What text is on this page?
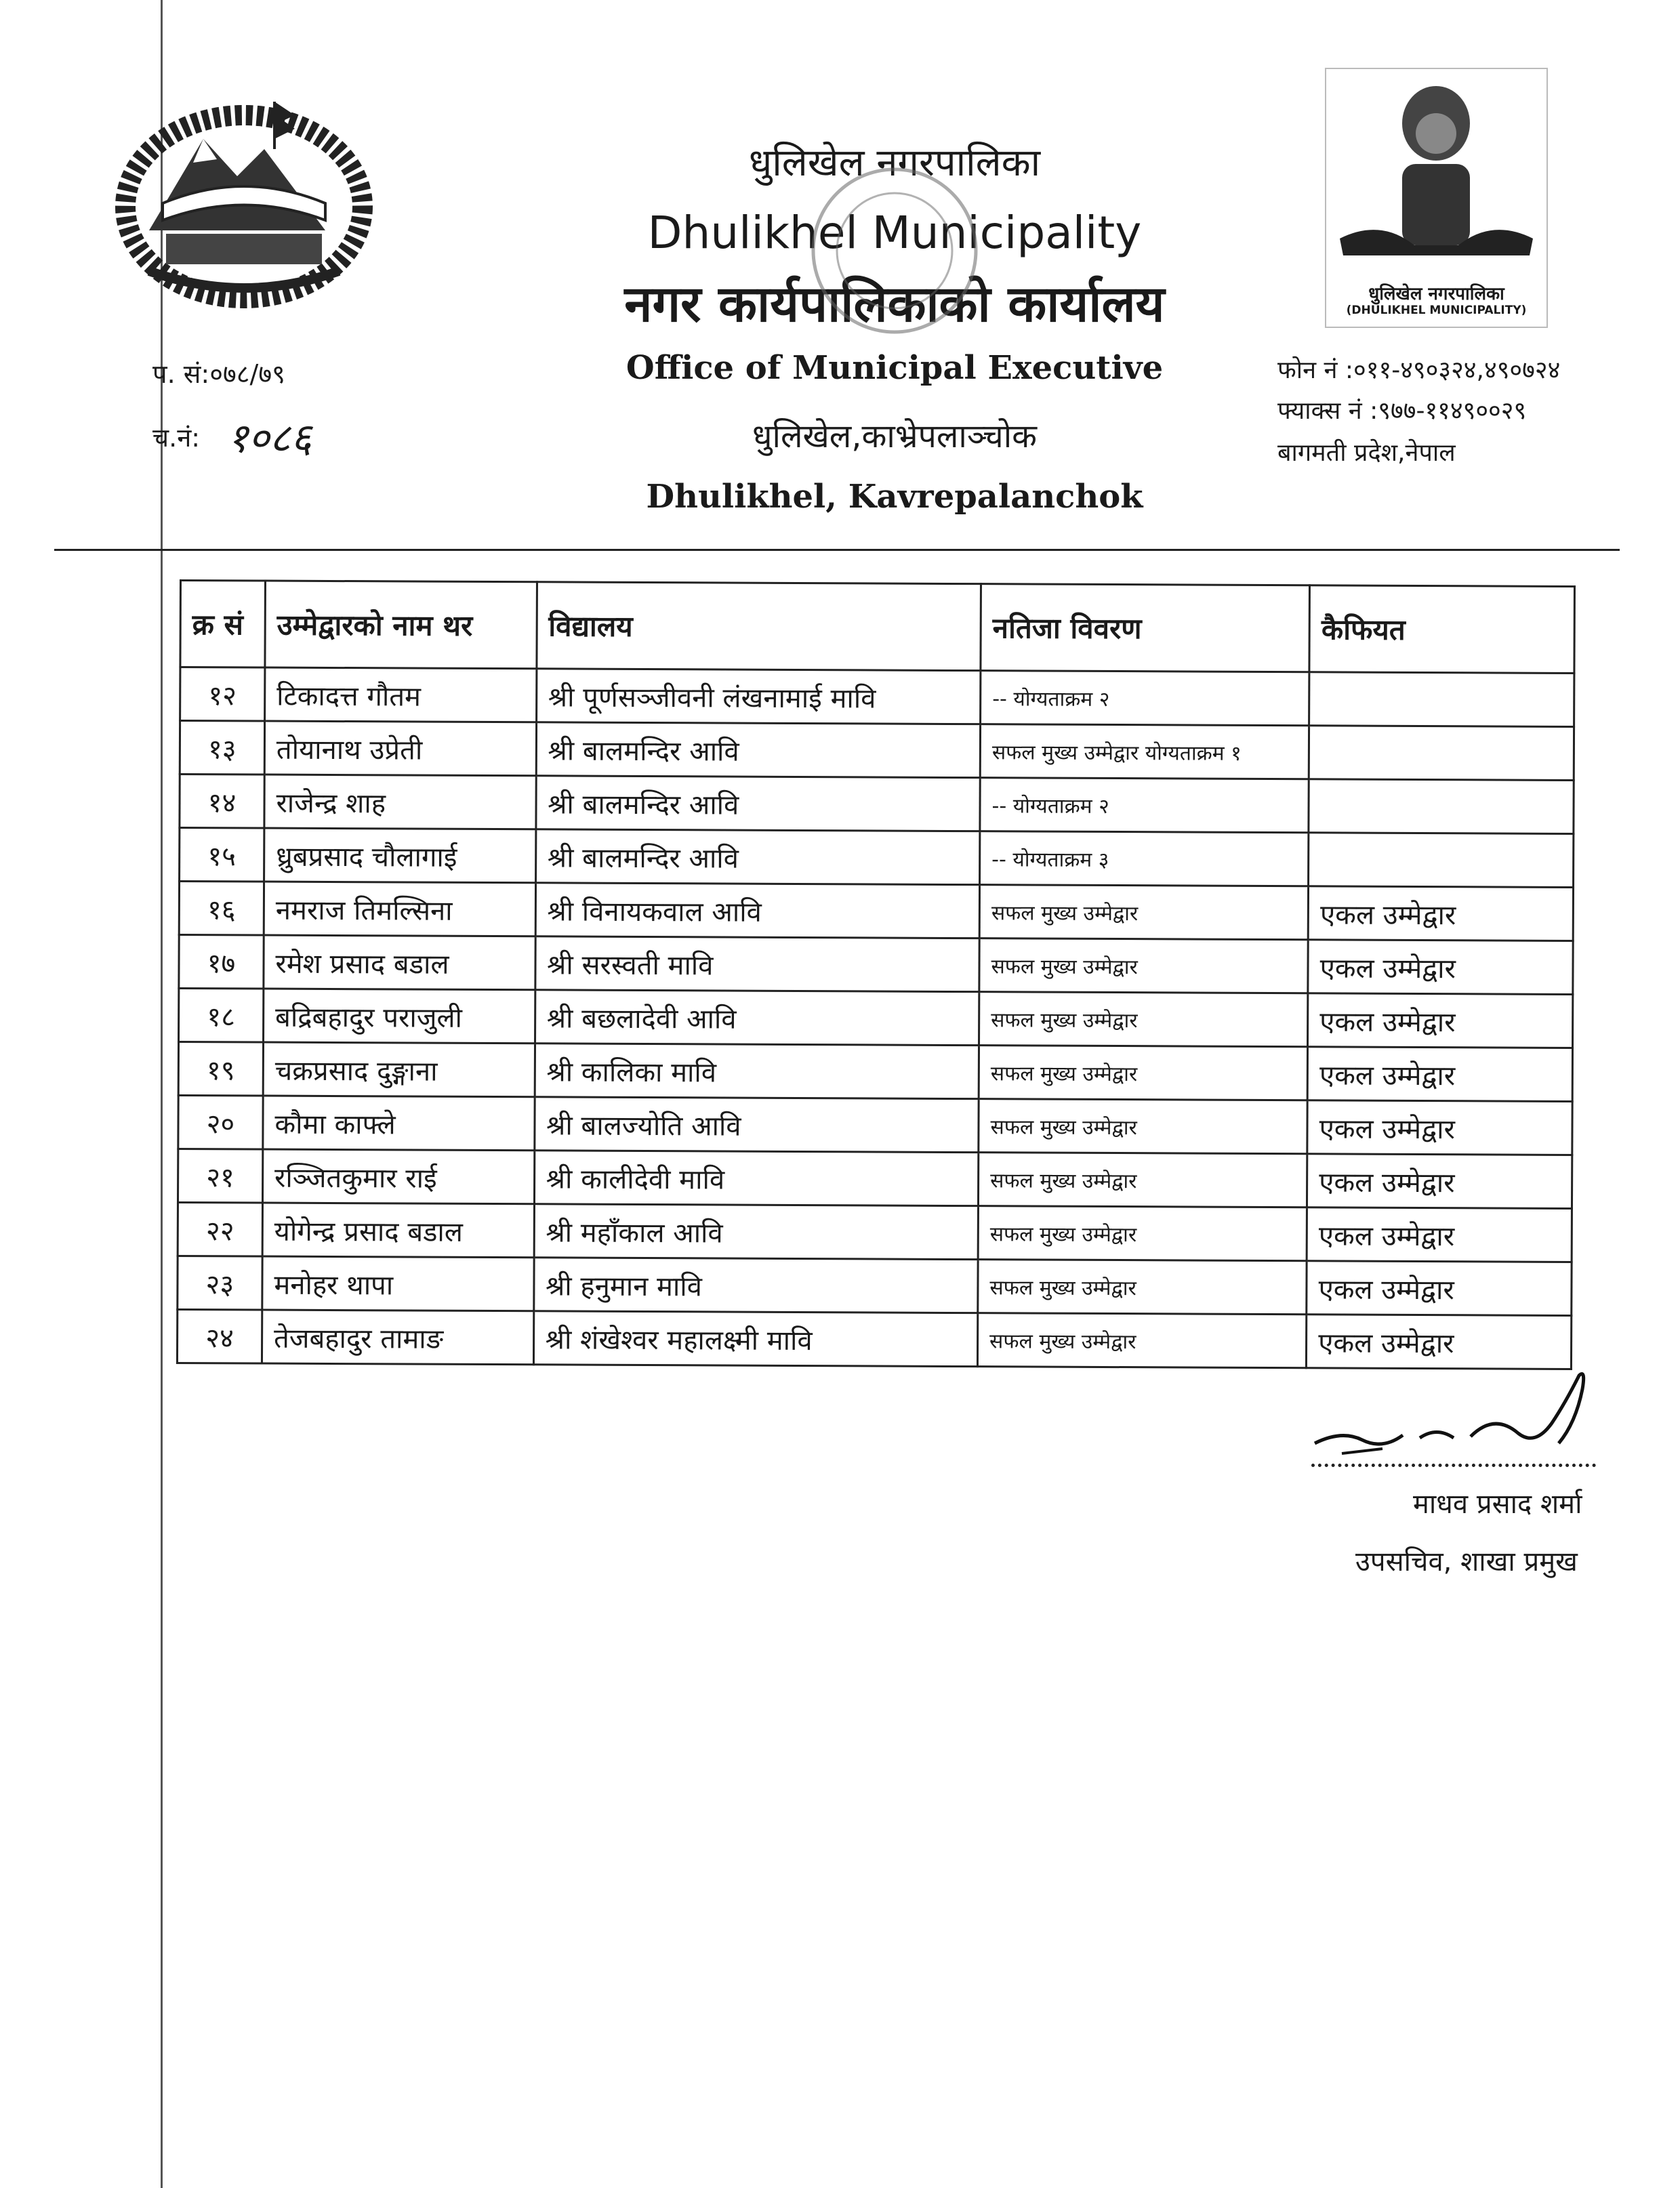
धुलिखेल नगरपालिका
Dhulikhel Municipality
नगर कार्यपालिकाको कार्यालय
Office of Municipal Executive
धुलिखेल,काभ्रेपलाञ्चोक
Dhulikhel, Kavrepalanchok
धुलिखेल नगरपालिका
(DHULIKHEL MUNICIPALITY)
प. सं:०७८/७९
च.नं: १०८६
फोन नं :०११-४९०३२४,४९०७२४
फ्याक्स नं :९७७-११४९००२९
बागमती प्रदेश,नेपाल
क्र सं	उम्मेद्वारको नाम थर	विद्यालय	नतिजा विवरण	कैफियत
१२	टिकादत्त गौतम	श्री पूर्णसञ्जीवनी लंखनामाई मावि	-- योग्यताक्रम २	
१३	तोयानाथ उप्रेती	श्री बालमन्दिर आवि	सफल मुख्य उम्मेद्वार योग्यताक्रम १	
१४	राजेन्द्र शाह	श्री बालमन्दिर आवि	-- योग्यताक्रम २	
१५	ध्रुबप्रसाद चौलागाई	श्री बालमन्दिर आवि	-- योग्यताक्रम ३	
१६	नमराज तिमल्सिना	श्री विनायकवाल आवि	सफल मुख्य उम्मेद्वार	एकल उम्मेद्वार
१७	रमेश प्रसाद बडाल	श्री सरस्वती मावि	सफल मुख्य उम्मेद्वार	एकल उम्मेद्वार
१८	बद्रिबहादुर पराजुली	श्री बछलादेवी आवि	सफल मुख्य उम्मेद्वार	एकल उम्मेद्वार
१९	चक्रप्रसाद दुङ्गाना	श्री कालिका मावि	सफल मुख्य उम्मेद्वार	एकल उम्मेद्वार
२०	कौमा काफ्ले	श्री बालज्योति आवि	सफल मुख्य उम्मेद्वार	एकल उम्मेद्वार
२१	रञ्जितकुमार राई	श्री कालीदेवी मावि	सफल मुख्य उम्मेद्वार	एकल उम्मेद्वार
२२	योगेन्द्र प्रसाद बडाल	श्री महाँकाल आवि	सफल मुख्य उम्मेद्वार	एकल उम्मेद्वार
२३	मनोहर थापा	श्री हनुमान मावि	सफल मुख्य उम्मेद्वार	एकल उम्मेद्वार
२४	तेजबहादुर तामाङ	श्री शंखेश्वर महालक्ष्मी मावि	सफल मुख्य उम्मेद्वार	एकल उम्मेद्वार
माधव प्रसाद शर्मा
उपसचिव, शाखा प्रमुख
